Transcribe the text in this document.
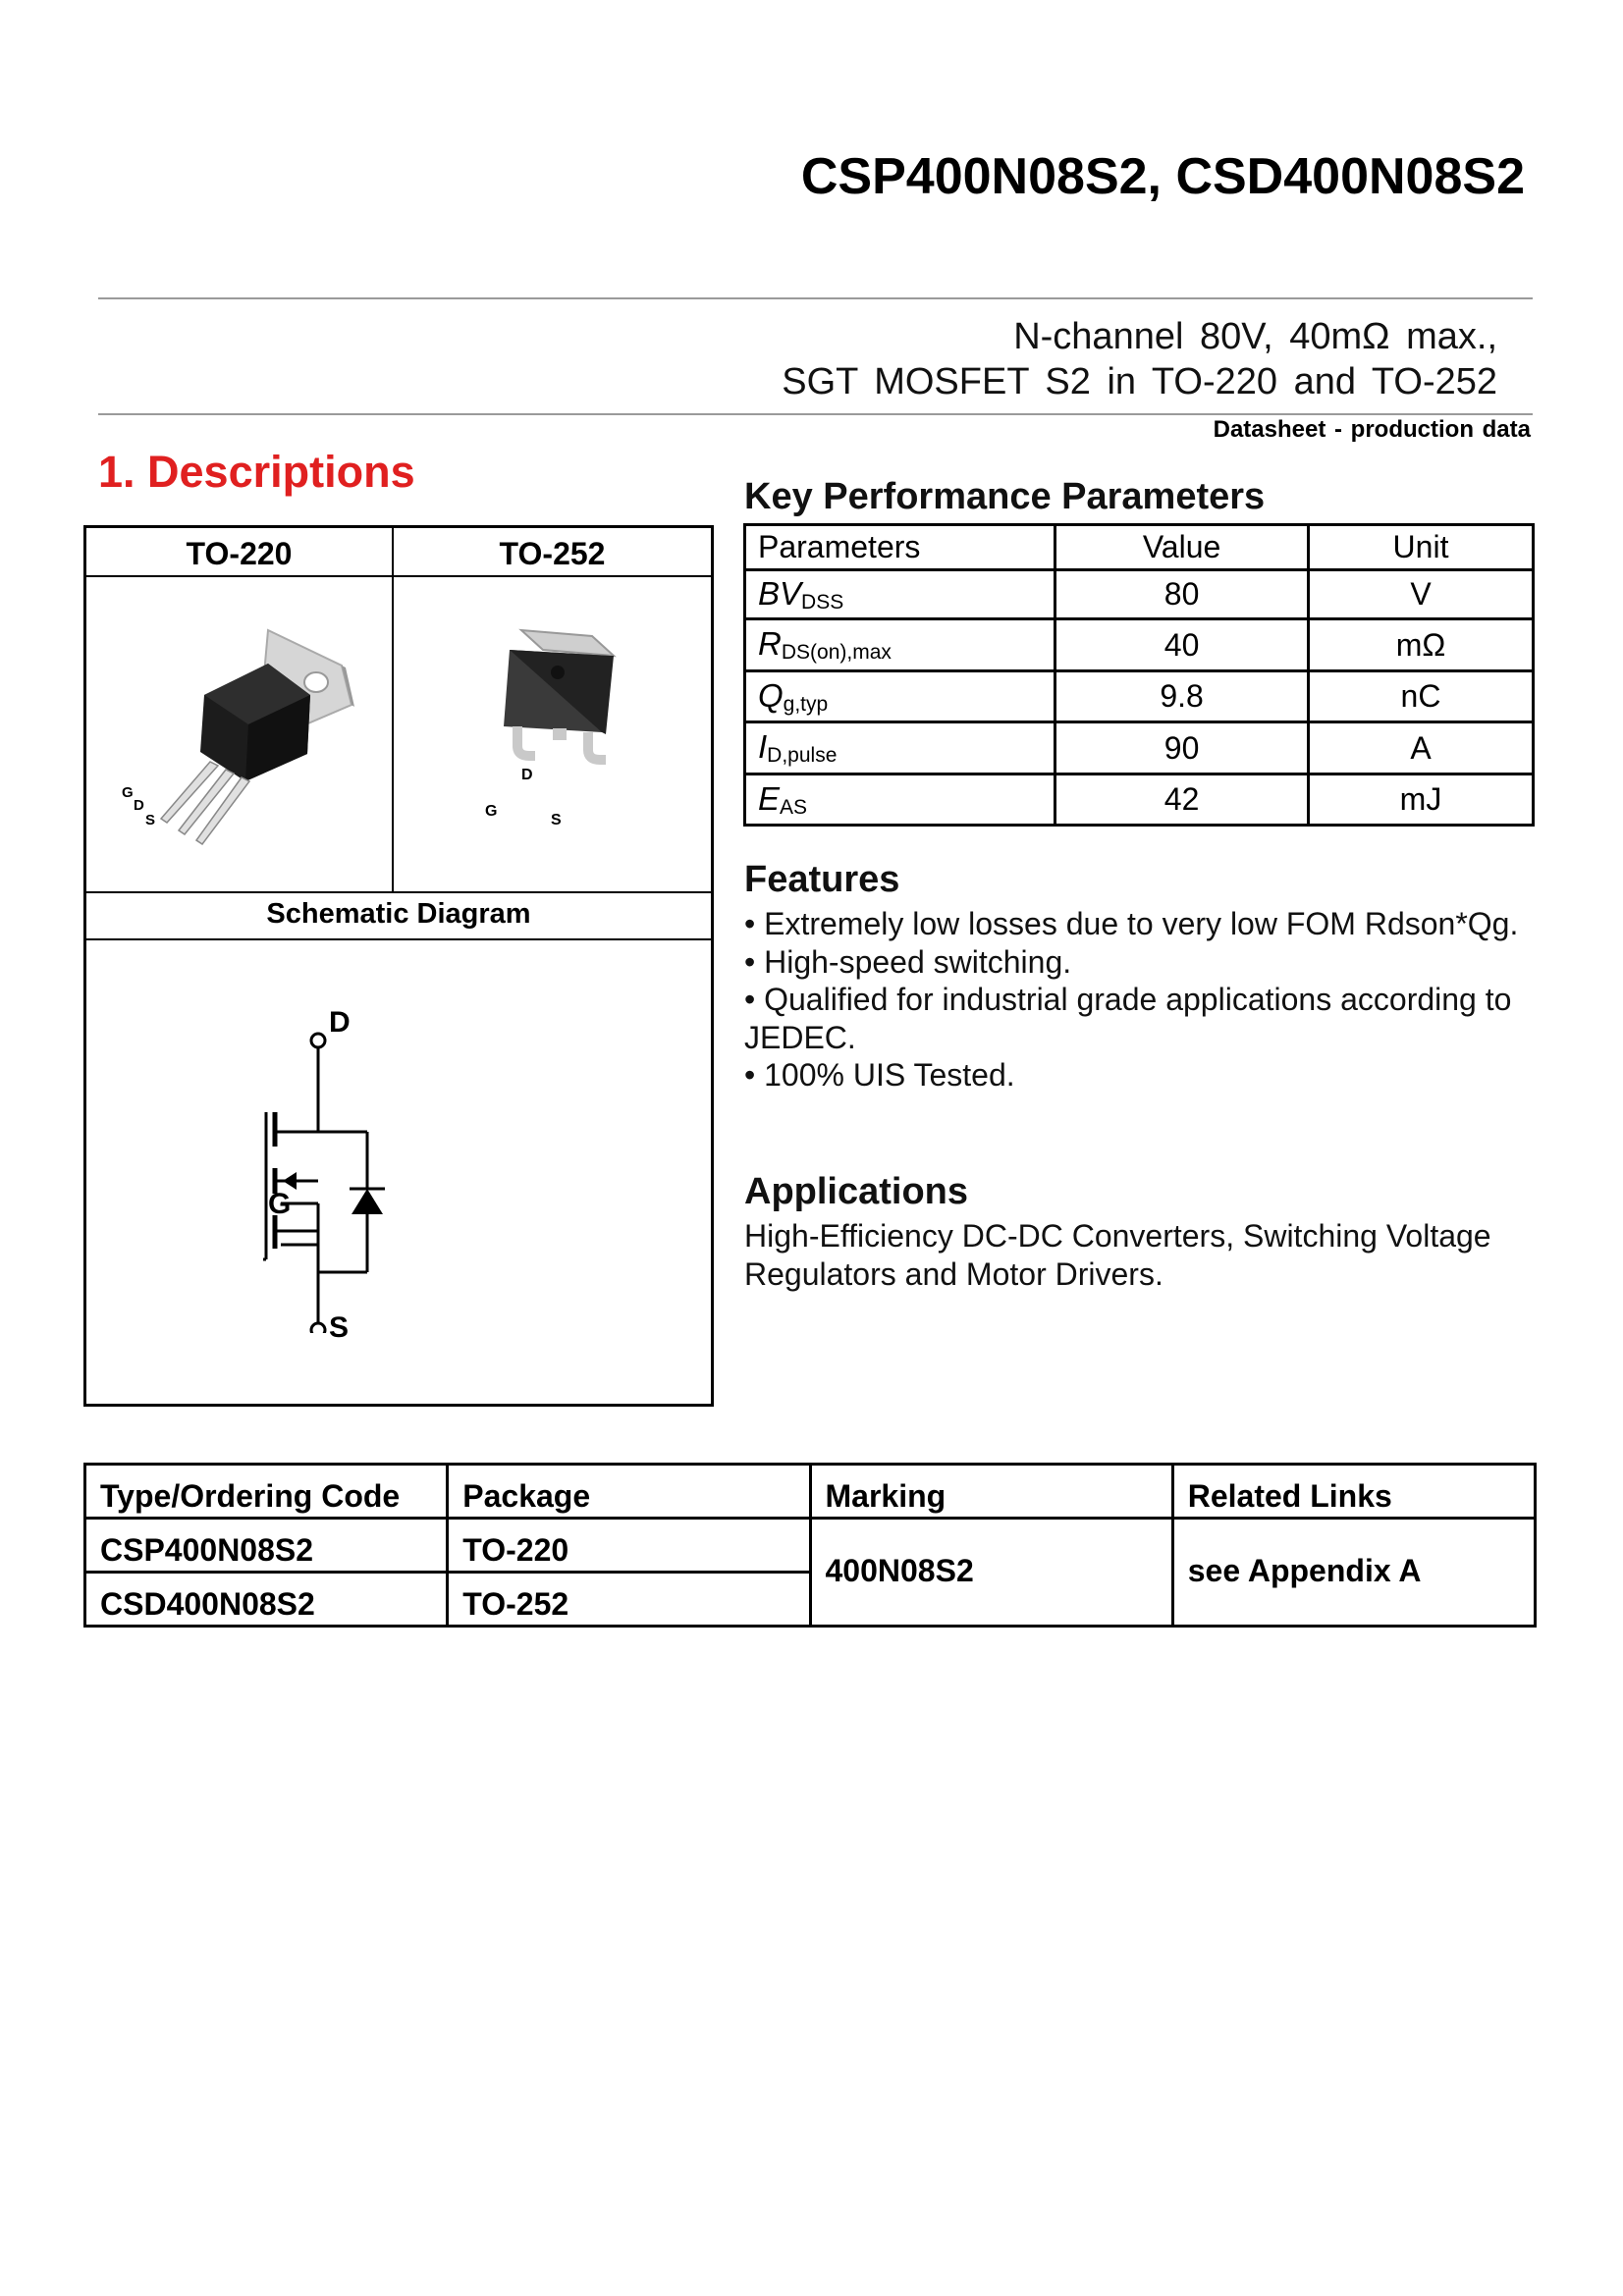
CSP400N08S2, CSD400N08S2
N-channel 80V, 40mΩ max.,
SGT MOSFET S2 in TO-220 and TO-252
Datasheet - production data
1. Descriptions
TO-220	TO-252
G
D
S
D
G
S
Schematic Diagram
D
G
S
Key Performance Parameters
Parameters	Value	Unit
BVDSS	80	V
RDS(on),max	40	mΩ
Qg,typ	9.8	nC
ID,pulse	90	A
EAS	42	mJ
Features
• Extremely low losses due to very low FOM Rdson*Qg.
• High-speed switching.
• Qualified for industrial grade applications according to JEDEC.
• 100% UIS Tested.
Applications
High-Efficiency DC-DC Converters, Switching Voltage Regulators and Motor Drivers.
Type/Ordering Code	Package	Marking	Related Links
CSP400N08S2	TO-220	400N08S2	see Appendix A
CSD400N08S2	TO-252		
